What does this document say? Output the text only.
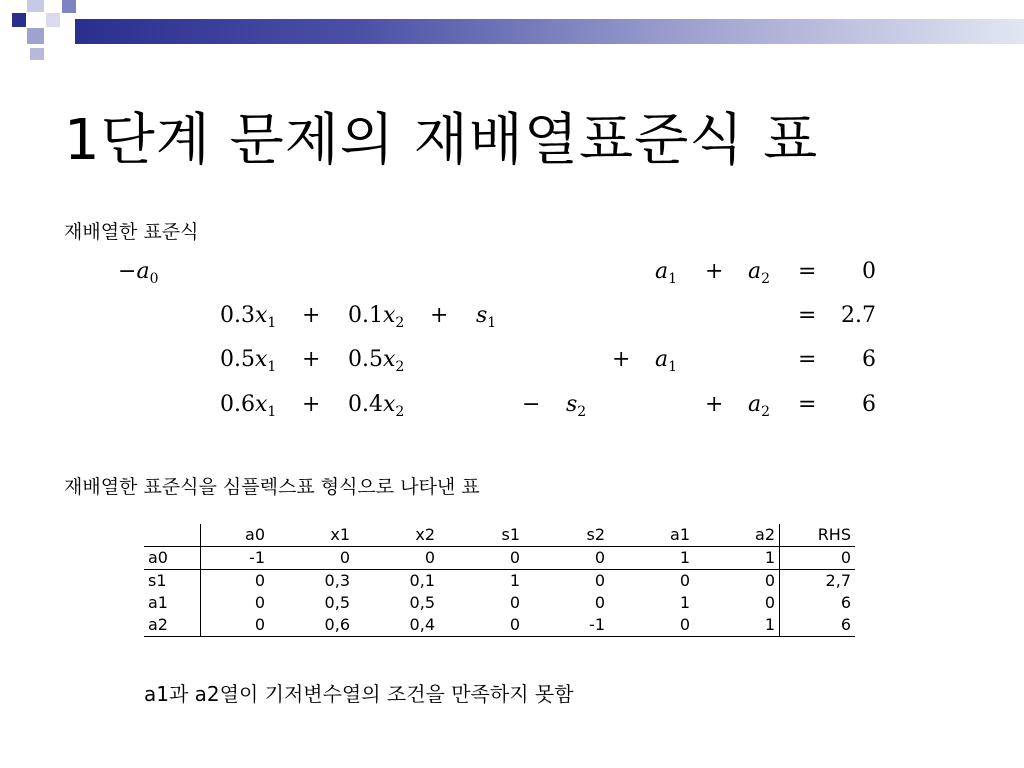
1단계 문제의 재배열표준식 표
재배열한 표준식
$-a_0$	$a_1 + a_2 = 0$
$0.3x_1 + 0.1x_2 + s_1$	= 2.7
$0.5x_1 + 0.5x_2$	+ $a_1$	= 6
$0.6x_1 + 0.4x_2$	− $s_2$	+ $a_2 = 6$
재배열한 표준식을 심플렉스표 형식으로 나타낸 표
	a0	x1	x2	s1	s2	a1	a2	RHS
a0	-1	0	0	0	0	1	1	0
s1	0	0,3	0,1	1	0	0	0	2,7
a1	0	0,5	0,5	0	0	1	0	6
a2	0	0,6	0,4	0	-1	0	1	6
a1과 a2열이 기저변수열의 조건을 만족하지 못함
